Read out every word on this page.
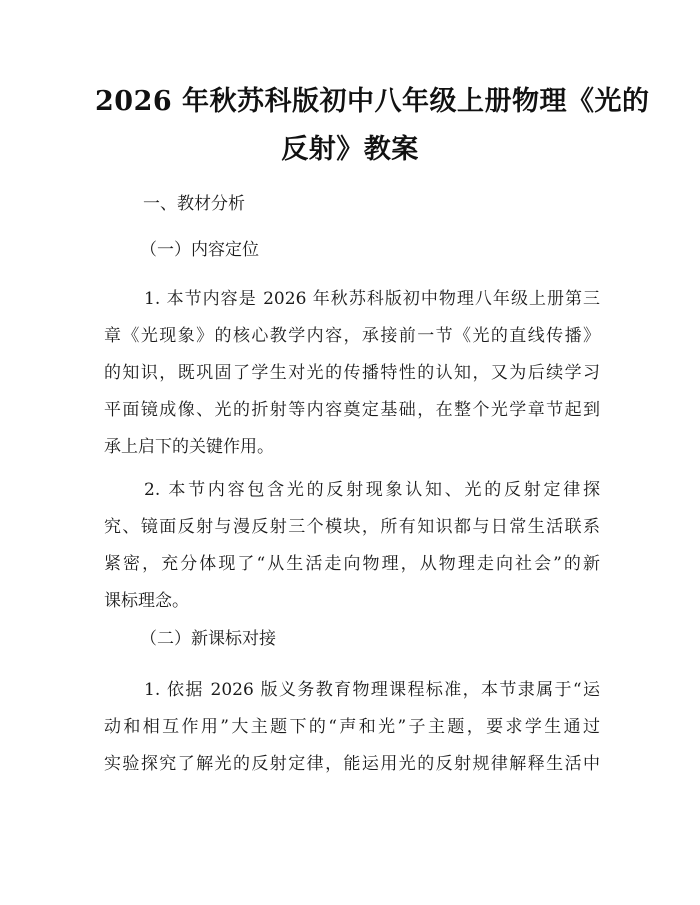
2026 年秋苏科版初中八年级上册物理《光的
反射》教案
一、教材分析
（一）内容定位
1. 本节内容是 2026 年秋苏科版初中物理八年级上册第三
章《光现象》的核心教学内容，承接前一节《光的直线传播》
的知识，既巩固了学生对光的传播特性的认知，又为后续学习
平面镜成像、光的折射等内容奠定基础，在整个光学章节起到
承上启下的关键作用。
2. 本节内容包含光的反射现象认知、光的反射定律探
究、镜面反射与漫反射三个模块，所有知识都与日常生活联系
紧密，充分体现了“从生活走向物理，从物理走向社会”的新
课标理念。
（二）新课标对接
1. 依据 2026 版义务教育物理课程标准，本节隶属于“运
动和相互作用”大主题下的“声和光”子主题，要求学生通过
实验探究了解光的反射定律，能运用光的反射规律解释生活中
